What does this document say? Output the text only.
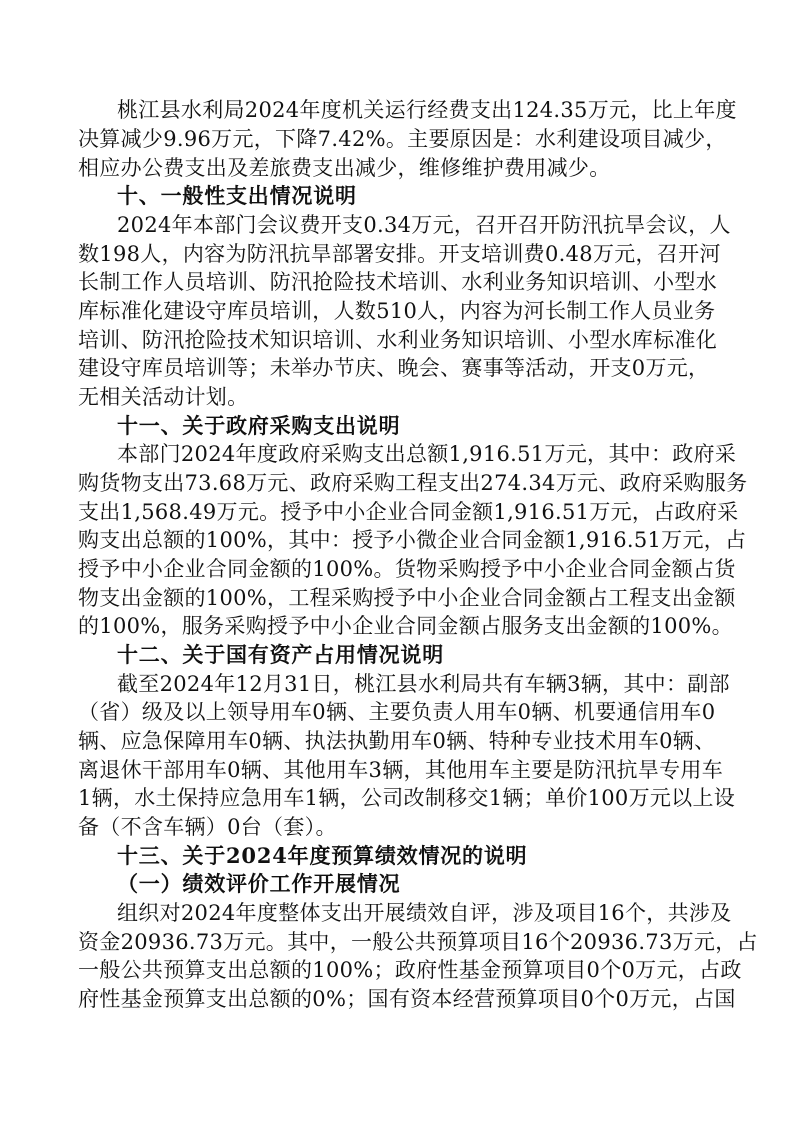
桃江县水利局2024年度机关运行经费支出124.35万元，比上年度
决算减少9.96万元，下降7.42%。主要原因是：水利建设项目减少，
相应办公费支出及差旅费支出减少，维修维护费用减少。
十、一般性支出情况说明
2024年本部门会议费开支0.34万元，召开召开防汛抗旱会议，人
数198人，内容为防汛抗旱部署安排。开支培训费0.48万元，召开河
长制工作人员培训、防汛抢险技术培训、水利业务知识培训、小型水
库标准化建设守库员培训，人数510人，内容为河长制工作人员业务
培训、防汛抢险技术知识培训、水利业务知识培训、小型水库标准化
建设守库员培训等；未举办节庆、晚会、赛事等活动，开支0万元，
无相关活动计划。
十一、关于政府采购支出说明
本部门2024年度政府采购支出总额1,916.51万元，其中：政府采
购货物支出73.68万元、政府采购工程支出274.34万元、政府采购服务
支出1,568.49万元。授予中小企业合同金额1,916.51万元，占政府采
购支出总额的100%，其中：授予小微企业合同金额1,916.51万元，占
授予中小企业合同金额的100%。货物采购授予中小企业合同金额占货
物支出金额的100%，工程采购授予中小企业合同金额占工程支出金额
的100%，服务采购授予中小企业合同金额占服务支出金额的100%。
十二、关于国有资产占用情况说明
截至2024年12月31日，桃江县水利局共有车辆3辆，其中：副部
（省）级及以上领导用车0辆、主要负责人用车0辆、机要通信用车0
辆、应急保障用车0辆、执法执勤用车0辆、特种专业技术用车0辆、
离退休干部用车0辆、其他用车3辆，其他用车主要是防汛抗旱专用车
1辆，水土保持应急用车1辆，公司改制移交1辆；单价100万元以上设
备（不含车辆）0台（套）。
十三、关于2024年度预算绩效情况的说明
（一）绩效评价工作开展情况
组织对2024年度整体支出开展绩效自评，涉及项目16个，共涉及
资金20936.73万元。其中，一般公共预算项目16个20936.73万元，占
一般公共预算支出总额的100%；政府性基金预算项目0个0万元，占政
府性基金预算支出总额的0%；国有资本经营预算项目0个0万元，占国
